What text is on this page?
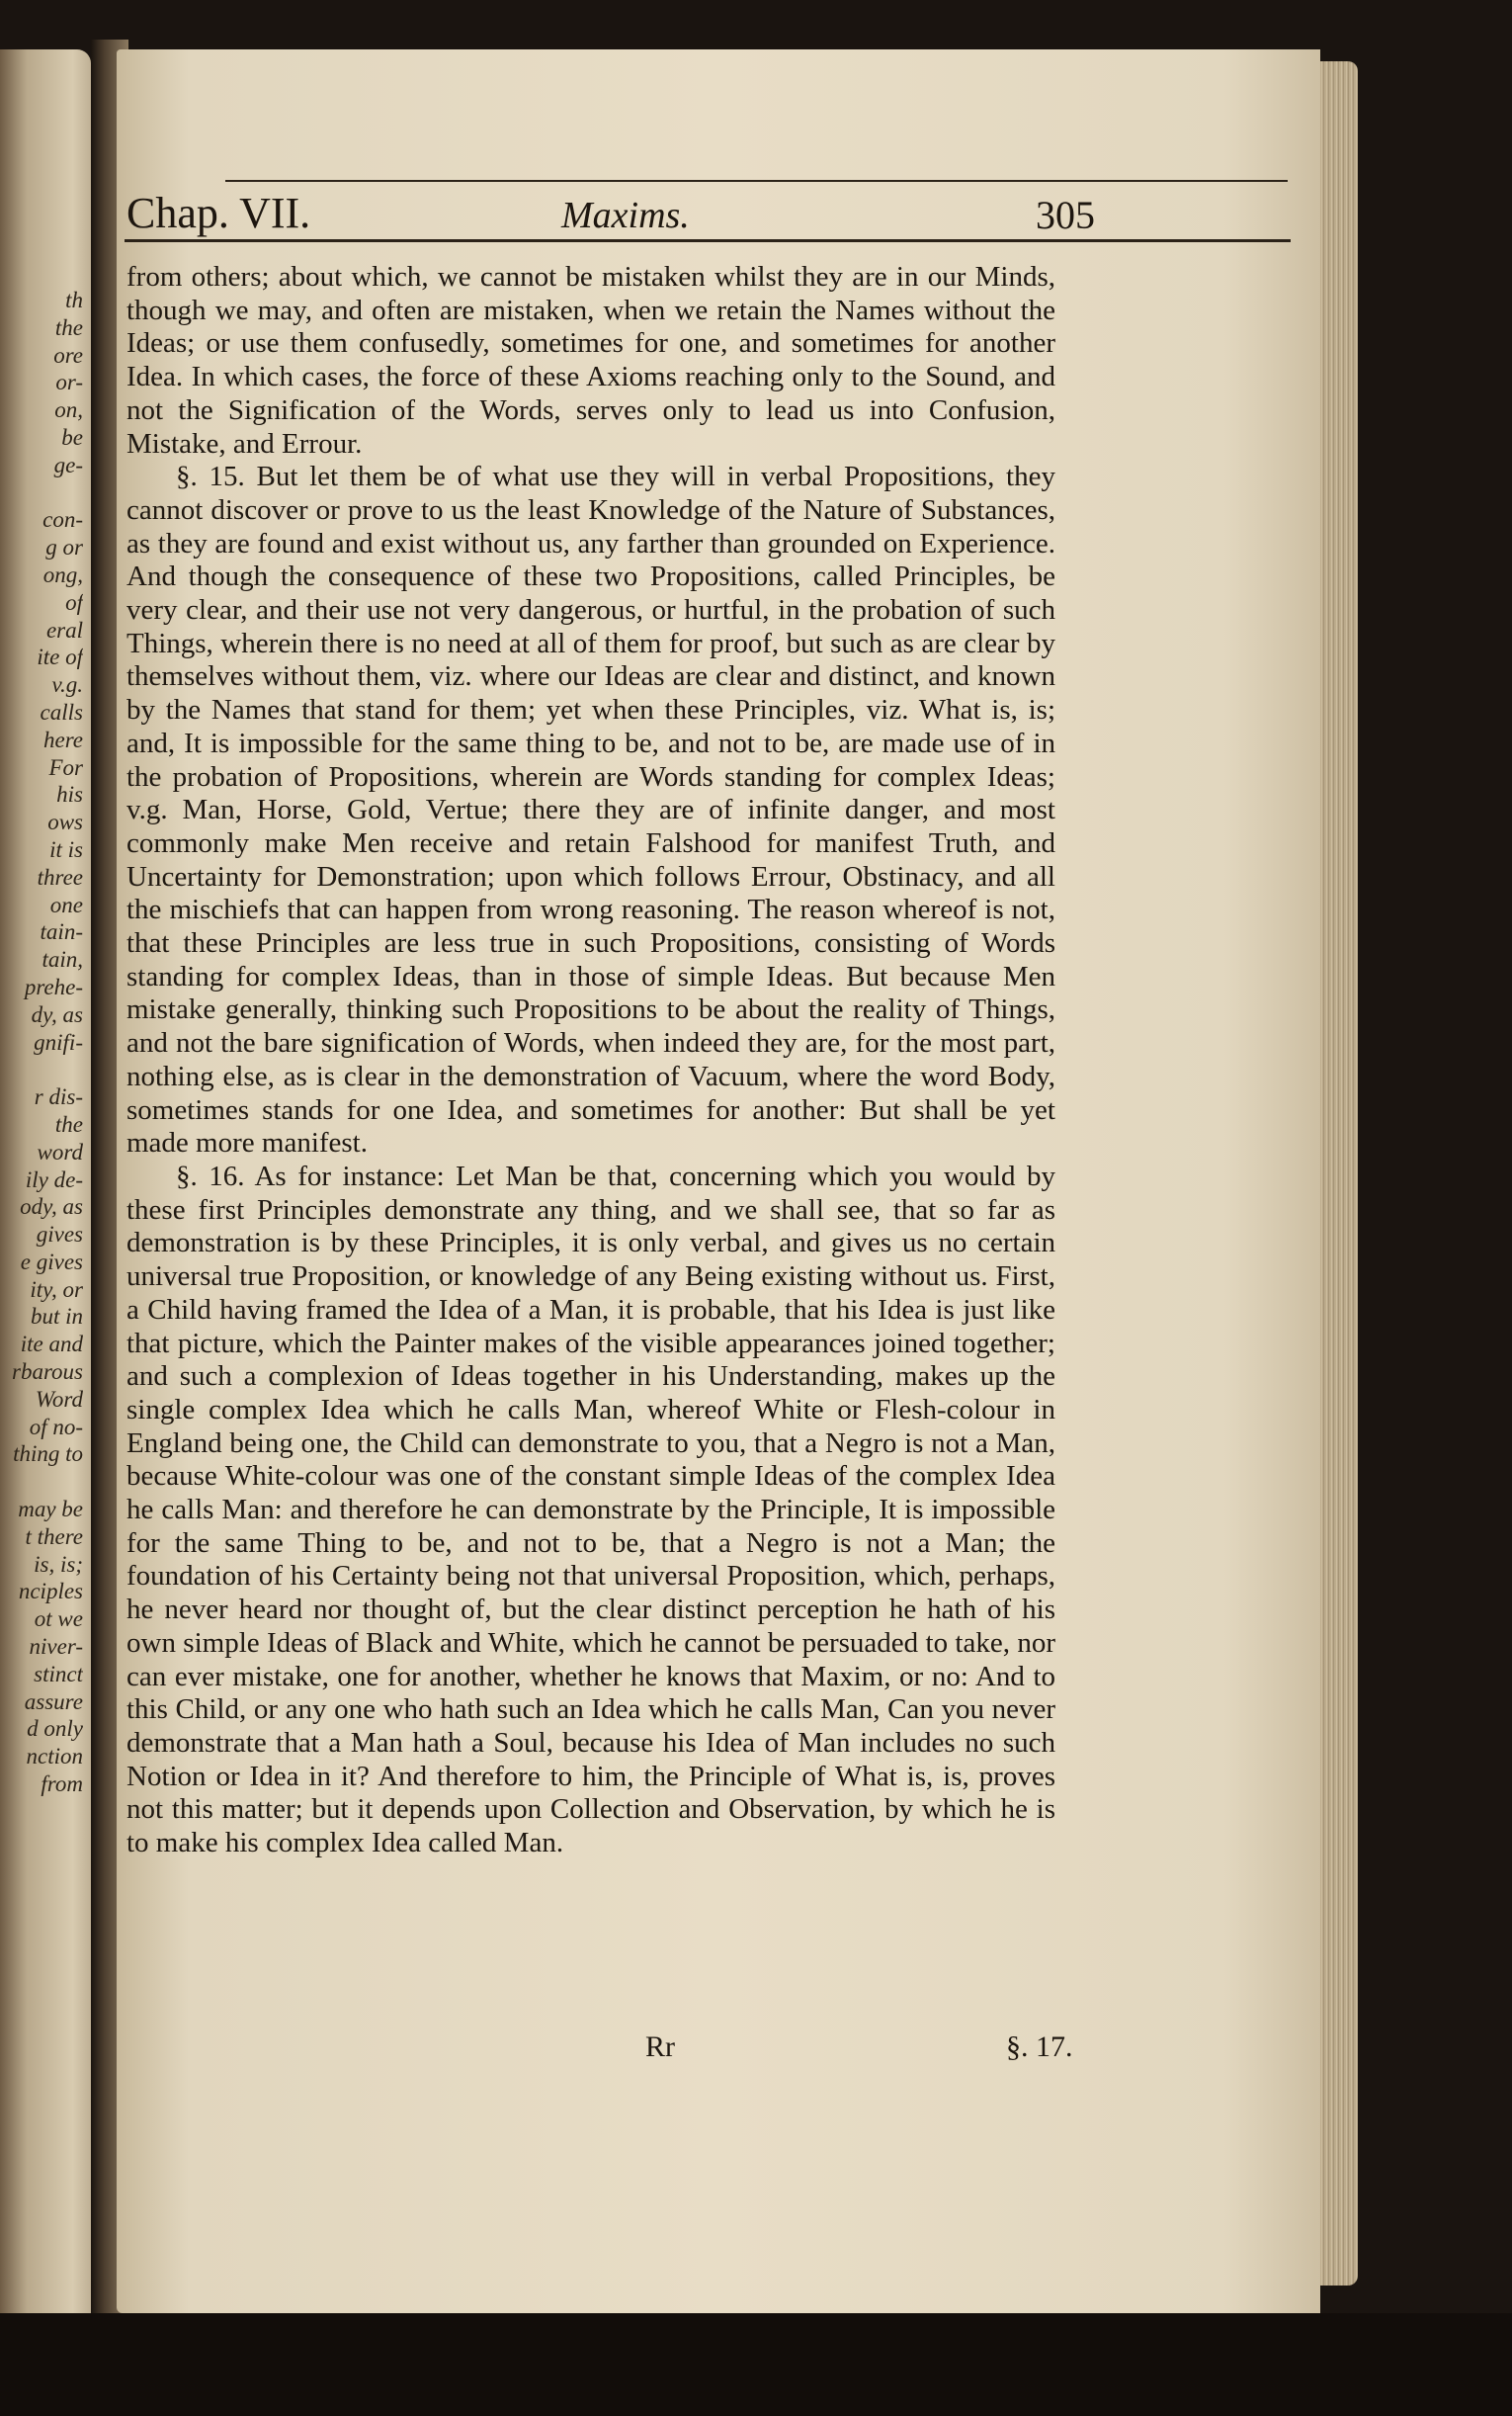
th
the
ore
or-
on,
be
ge-

con-
g or
ong,
of
eral
ite of
v.g.
calls
here
For
his
ows
it is
three
one
tain-
tain,
prehe-
dy, as
gnifi-

r dis-
the
word
ily de-
ody, as
gives
e gives
ity, or
but in
ite and
rbarous
Word
of no-
thing to

may be
t there
is, is;
nciples
ot we
niver-
stinct
assure
d only
nction
from
Chap. VII.	Maxims.	305

from others; about which, we cannot be mistaken whilst they are in our Minds, though we may, and often are mistaken, when we retain the Names without the Ideas; or use them confusedly, sometimes for one, and sometimes for another Idea. In which cases, the force of these Axioms reaching only to the Sound, and not the Signification of the Words, serves only to lead us into Confusion, Mistake, and Errour.

§. 15. But let them be of what use they will in verbal Propositions, they cannot discover or prove to us the least Knowledge of the Nature of Substances, as they are found and exist without us, any farther than grounded on Experience. And though the consequence of these two Propositions, called Principles, be very clear, and their use not very dangerous, or hurtful, in the probation of such Things, wherein there is no need at all of them for proof, but such as are clear by themselves without them, viz. where our Ideas are clear and distinct, and known by the Names that stand for them; yet when these Principles, viz. What is, is; and, It is impossible for the same thing to be, and not to be, are made use of in the probation of Propositions, wherein are Words standing for complex Ideas; v.g. Man, Horse, Gold, Vertue; there they are of infinite danger, and most commonly make Men receive and retain Falshood for manifest Truth, and Uncertainty for Demonstration; upon which follows Errour, Obstinacy, and all the mischiefs that can happen from wrong reasoning. The reason whereof is not, that these Principles are less true in such Propositions, consisting of Words standing for complex Ideas, than in those of simple Ideas. But because Men mistake generally, thinking such Propositions to be about the reality of Things, and not the bare signification of Words, when indeed they are, for the most part, nothing else, as is clear in the demonstration of Vacuum, where the word Body, sometimes stands for one Idea, and sometimes for another: But shall be yet made more manifest.

§. 16. As for instance: Let Man be that, concerning which you would by these first Principles demonstrate any thing, and we shall see, that so far as demonstration is by these Principles, it is only verbal, and gives us no certain universal true Proposition, or knowledge of any Being existing without us. First, a Child having framed the Idea of a Man, it is probable, that his Idea is just like that picture, which the Painter makes of the visible appearances joined together; and such a complexion of Ideas together in his Understanding, makes up the single complex Idea which he calls Man, whereof White or Flesh-colour in England being one, the Child can demonstrate to you, that a Negro is not a Man, because White-colour was one of the constant simple Ideas of the complex Idea he calls Man: and therefore he can demonstrate by the Principle, It is impossible for the same Thing to be, and not to be, that a Negro is not a Man; the foundation of his Certainty being not that universal Proposition, which, perhaps, he never heard nor thought of, but the clear distinct perception he hath of his own simple Ideas of Black and White, which he cannot be persuaded to take, nor can ever mistake, one for another, whether he knows that Maxim, or no: And to this Child, or any one who hath such an Idea which he calls Man, Can you never demonstrate that a Man hath a Soul, because his Idea of Man includes no such Notion or Idea in it? And therefore to him, the Principle of What is, is, proves not this matter; but it depends upon Collection and Observation, by which he is to make his complex Idea called Man.

Rr	§. 17.
